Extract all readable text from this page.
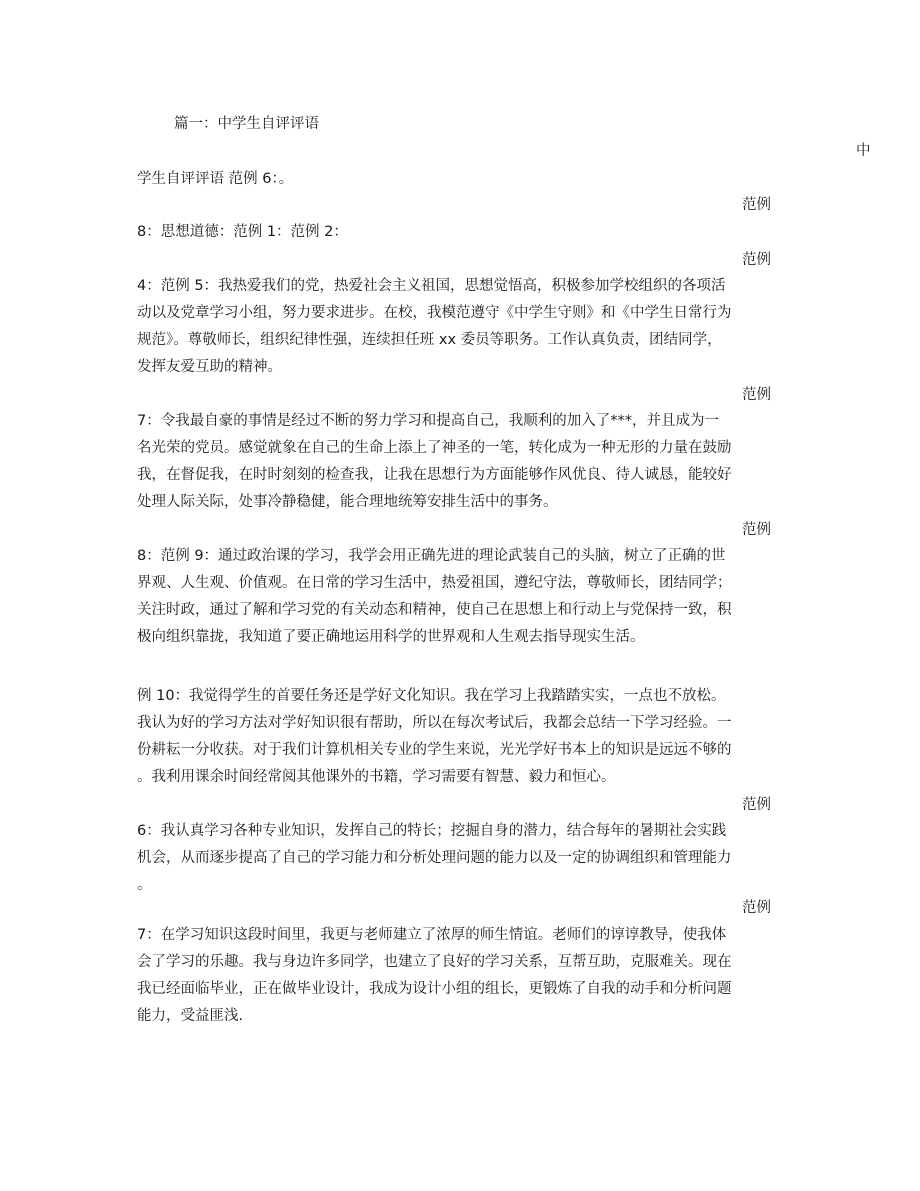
篇一：中学生自评评语
中
学生自评评语 范例 6：。
范例
8：思想道德：范例 1：范例 2：
范例
4：范例 5：我热爱我们的党，热爱社会主义祖国，思想觉悟高，积极参加学校组织的各项活
动以及党章学习小组，努力要求进步。在校，我模范遵守《中学生守则》和《中学生日常行为
规范》。尊敬师长，组织纪律性强，连续担任班 xx 委员等职务。工作认真负责，团结同学，
发挥友爱互助的精神。
范例
7：令我最自豪的事情是经过不断的努力学习和提高自己，我顺利的加入了***，并且成为一
名光荣的党员。感觉就象在自己的生命上添上了神圣的一笔，转化成为一种无形的力量在鼓励
我，在督促我，在时时刻刻的检查我，让我在思想行为方面能够作风优良、待人诚恳，能较好
处理人际关际，处事冷静稳健，能合理地统筹安排生活中的事务。
范例
8：范例 9：通过政治课的学习，我学会用正确先进的理论武装自己的头脑，树立了正确的世
界观、人生观、价值观。在日常的学习生活中，热爱祖国，遵纪守法，尊敬师长，团结同学；
关注时政，通过了解和学习党的有关动态和精神，使自己在思想上和行动上与党保持一致，积
极向组织靠拢，我知道了要正确地运用科学的世界观和人生观去指导现实生活。
例 10：我觉得学生的首要任务还是学好文化知识。我在学习上我踏踏实实，一点也不放松。
我认为好的学习方法对学好知识很有帮助，所以在每次考试后，我都会总结一下学习经验。一
份耕耘一分收获。对于我们计算机相关专业的学生来说，光光学好书本上的知识是远远不够的
。我利用课余时间经常阅其他课外的书籍，学习需要有智慧、毅力和恒心。
范例
6：我认真学习各种专业知识，发挥自己的特长；挖掘自身的潜力，结合每年的暑期社会实践
机会，从而逐步提高了自己的学习能力和分析处理问题的能力以及一定的协调组织和管理能力
。
范例
7：在学习知识这段时间里，我更与老师建立了浓厚的师生情谊。老师们的谆谆教导，使我体
会了学习的乐趣。我与身边许多同学，也建立了良好的学习关系，互帮互助，克服难关。现在
我已经面临毕业，正在做毕业设计，我成为设计小组的组长，更锻炼了自我的动手和分析问题
能力，受益匪浅.
